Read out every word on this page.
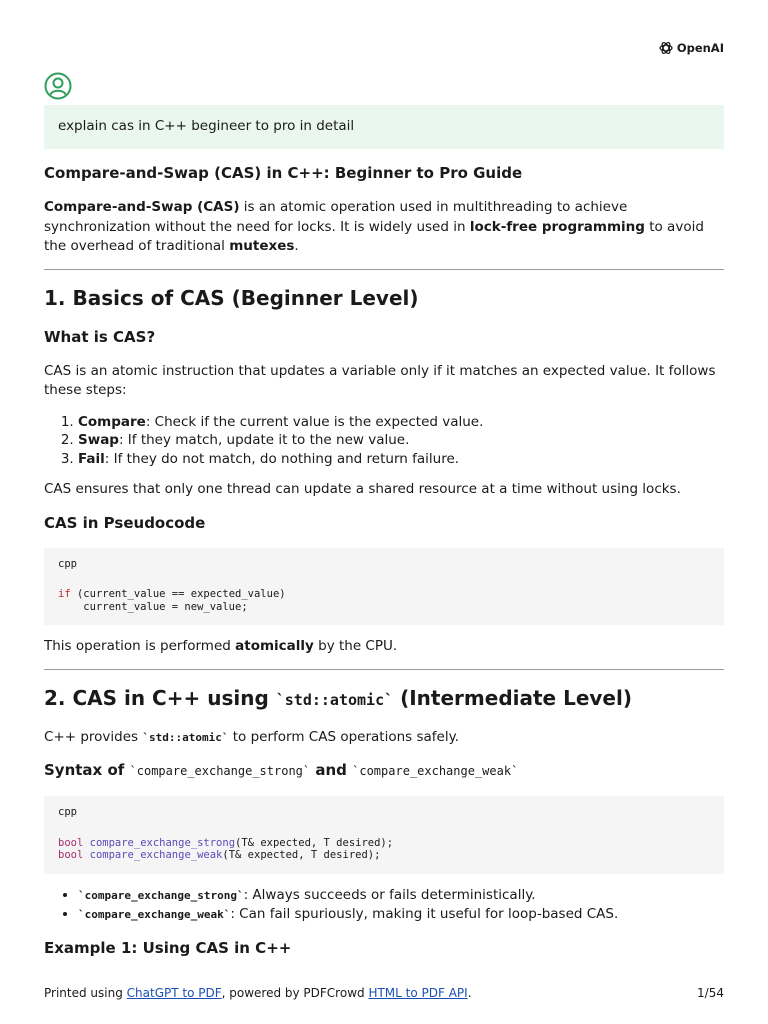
OpenAI
explain cas in C++ begineer to pro in detail
Compare-and-Swap (CAS) in C++: Beginner to Pro Guide

Compare-and-Swap (CAS) is an atomic operation used in multithreading to achieve synchronization without the need for locks. It is widely used in lock-free programming to avoid the overhead of traditional mutexes.

1. Basics of CAS (Beginner Level)
What is CAS?

CAS is an atomic instruction that updates a variable only if it matches an expected value. It follows these steps:

1. Compare: Check if the current value is the expected value.
2. Swap: If they match, update it to the new value.
3. Fail: If they do not match, do nothing and return failure.

CAS ensures that only one thread can update a shared resource at a time without using locks.

CAS in Pseudocode
cpp
if (current_value == expected_value)
current_value = new_value;

This operation is performed atomically by the CPU.

2. CAS in C++ using `std::atomic` (Intermediate Level)

C++ provides `std::atomic` to perform CAS operations safely.

Syntax of `compare_exchange_strong` and `compare_exchange_weak`
cpp
bool compare_exchange_strong(T& expected, T desired);
bool compare_exchange_weak(T& expected, T desired);
• `compare_exchange_strong`: Always succeeds or fails deterministically.
• `compare_exchange_weak`: Can fail spuriously, making it useful for loop-based CAS.
Example 1: Using CAS in C++
Printed using ChatGPT to PDF, powered by PDFCrowd HTML to PDF API.	1/54
